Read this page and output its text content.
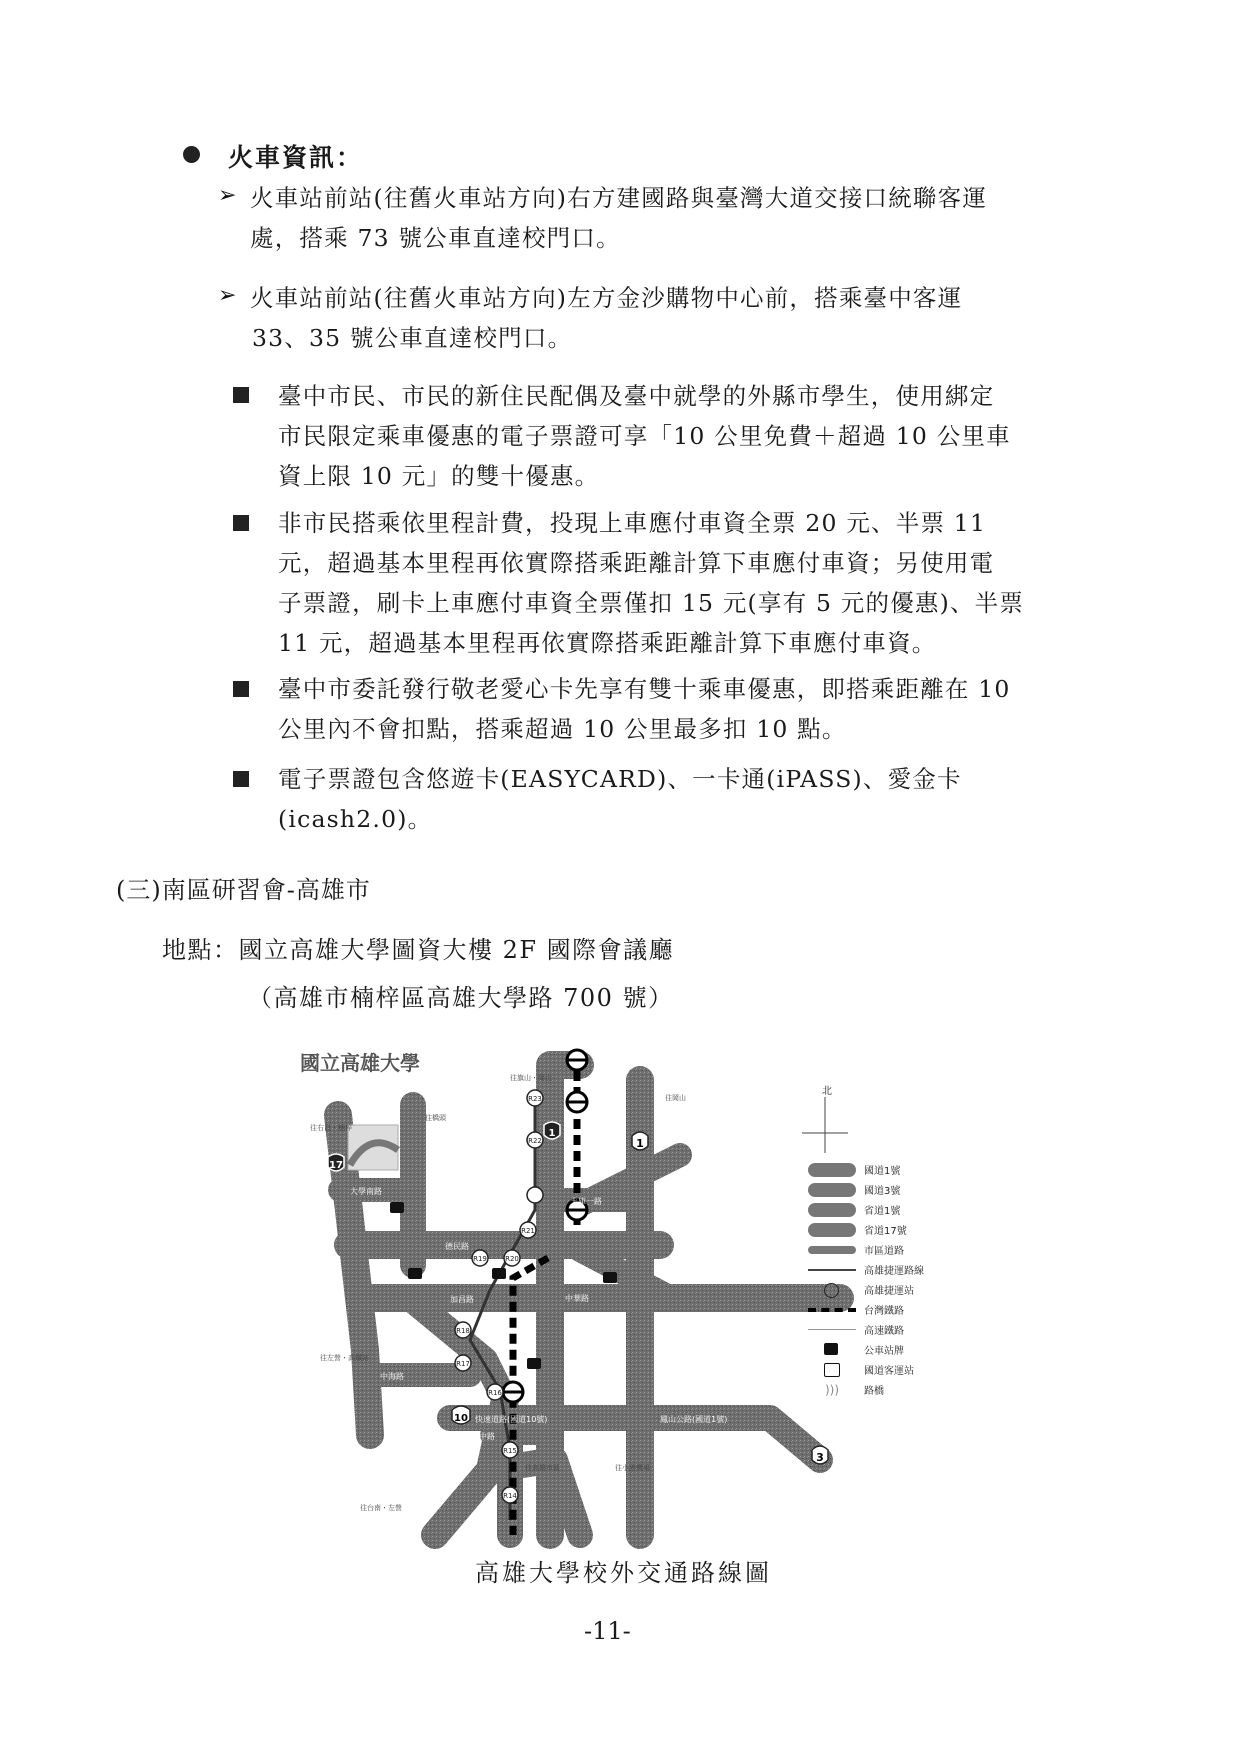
火車資訊：
➢ 火車站前站(往舊火車站方向)右方建國路與臺灣大道交接口統聯客運
處，搭乘 73 號公車直達校門口。
➢ 火車站前站(往舊火車站方向)左方金沙購物中心前，搭乘臺中客運
33、35 號公車直達校門口。
臺中市民、市民的新住民配偶及臺中就學的外縣市學生，使用綁定
市民限定乘車優惠的電子票證可享「10 公里免費＋超過 10 公里車
資上限 10 元」的雙十優惠。
非市民搭乘依里程計費，投現上車應付車資全票 20 元、半票 11
元，超過基本里程再依實際搭乘距離計算下車應付車資；另使用電
子票證，刷卡上車應付車資全票僅扣 15 元(享有 5 元的優惠)、半票
11 元，超過基本里程再依實際搭乘距離計算下車應付車資。
臺中市委託發行敬老愛心卡先享有雙十乘車優惠，即搭乘距離在 10
公里內不會扣點，搭乘超過 10 公里最多扣 10 點。
電子票證包含悠遊卡(EASYCARD)、一卡通(iPASS)、愛金卡
(icash2.0)。
(三)南區研習會-高雄市
地點：國立高雄大學圖資大樓 2F 國際會議廳
（高雄市楠梓區高雄大學路 700 號）
R23
R22
R21
R20
R19
R18
R17
R16
R15
R14
17
1
1
3
10
國立高雄大學
大學南路
德民路
加昌路
中海路
快速道路(國道10號)
左營大中路
土庫一路
中華路
鳳山公路(國道1號)
往右昌・楠梓
往橋頭
往旗山・岡山
往岡山
往左營・高鐵站
往台南・左營
往高雄市區	往小港機場
北
國道1號
國道3號
省道1號
省道17號
市區道路
高雄捷運路線
高雄捷運站
台灣鐵路
高速鐵路
公車站牌
國道客運站
)))	路橋
高雄大學校外交通路線圖
-11-
